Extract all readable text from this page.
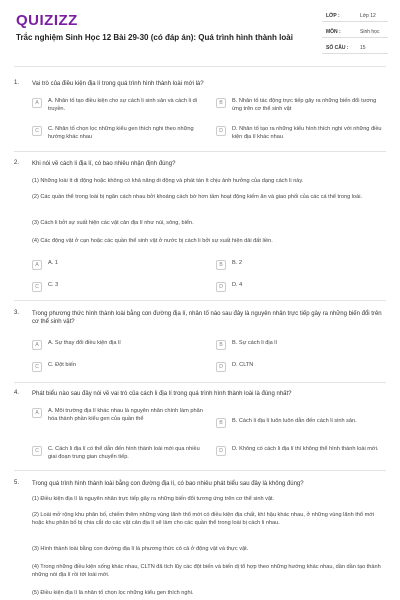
QUIZIZZ
Trắc nghiệm Sinh Học 12 Bài 29-30 (có đáp án): Quá trình hình thành loài
LỚP :	Lớp 12
MÔN :	Sinh học
SỐ CÂU : 15
1. Vai trò của điều kiện địa lí trong quá trình hình thành loài mới là?
A	A. Nhân tố tạo điều kiện cho sự cách li sinh sản và cách li di truyền.
B	B. Nhân tố tác động trực tiếp gây ra những biến đổi tương ứng trên cơ thể sinh vật
C	C. Nhân tố chọn lọc những kiểu gen thích nghi theo những hướng khác nhau
D	D. Nhân tố tạo ra những kiểu hình thích nghi với những điều kiện địa lí khác nhau
2. Khi nói về cách li địa lí, có bao nhiêu nhận định đúng?
(1) Những loài ít di động hoặc không có khả năng di động và phát tán ít chịu ảnh hưởng của dạng cách li này.
(2) Các quần thể trong loài bị ngăn cách nhau bởi khoảng cách bờ hơn tầm hoạt động kiếm ăn và giao phối của các cá thể trong loài.
(3) Cách li bởi sự xuất hiện các vật cản địa lí như núi, sông, biển.
(4) Các động vật ở cạn hoặc các quần thể sinh vật ở nước bị cách li bởi sự xuất hiện dải đất liền.
A	A. 1	B	B. 2
C	C. 3	D	D. 4
3. Trong phương thức hình thành loài bằng con đường địa lí, nhân tố nào sau đây là nguyên nhân trực tiếp gây ra những biến đổi trên cơ thể sinh vật?
A	A. Sự thay đổi điều kiện địa lí	B	B. Sự cách li địa lí
C	C. Đột biến	D	D. CLTN
4. Phát biểu nào sau đây nói về vai trò của cách li địa lí trong quá trình hình thành loài là đúng nhất?
A	A. Môi trường địa lí khác nhau là nguyên nhân chính làm phân hóa thành phần kiểu gen của quần thể
B	B. Cách li địa lí luôn luôn dẫn đến cách li sinh sản.
C	C. Cách li địa lí có thể dẫn đến hình thành loài mới qua nhiều giai đoạn trung gian chuyển tiếp.
D	D. Không có cách li địa lí thì không thể hình thành loài mới.
5. Trong quá trình hình thành loài bằng con đường địa lí, có bao nhiêu phát biểu sau đây là không đúng?
(1) Điều kiện địa lí là nguyên nhân trực tiếp gây ra những biến đổi tương ứng trên cơ thể sinh vật.
(2) Loài mở rộng khu phân bố, chiếm thêm những vùng lãnh thổ mới có điều kiện địa chất, khí hậu khác nhau, ở những vùng lãnh thổ mới hoặc khu phân bố bị chia cắt do các vật cản địa lí sẽ làm cho các quần thể trong loài bị cách li nhau.
(3) Hình thành loài bằng con đường địa lí là phương thức có cả ở động vật và thực vật.
(4) Trong những điều kiện sống khác nhau, CLTN đã tích lũy các đột biến và biến dị tổ hợp theo những hướng khác nhau, dần dần tạo thành những nòi địa lí rồi tới loài mới.
(5) Điều kiện địa lí là nhân tố chọn lọc những kiểu gen thích nghi.
